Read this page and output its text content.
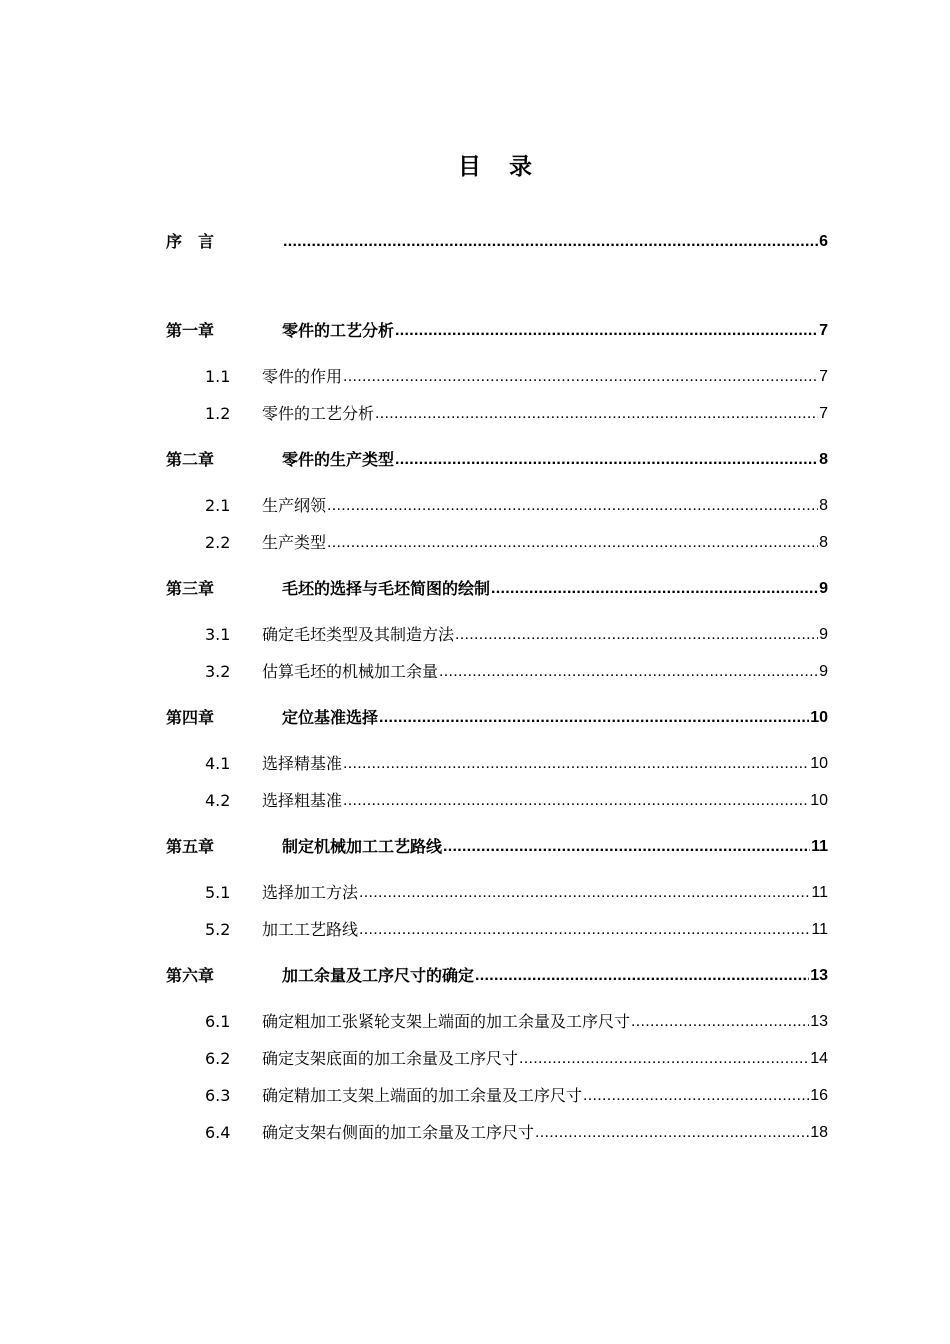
目 录
序　言 .....	6
第一章	零件的工艺分析 .....	7
1.1	零件的作用 .....	7
1.2	零件的工艺分析 .....	7
第二章	零件的生产类型 .....	8
2.1	生产纲领 .....	8
2.2	生产类型 .....	8
第三章	毛坯的选择与毛坯简图的绘制 .....	9
3.1	确定毛坯类型及其制造方法 .....	9
3.2	估算毛坯的机械加工余量 .....	9
第四章	定位基准选择 .....	10
4.1	选择精基准 .....	10
4.2	选择粗基准 .....	10
第五章	制定机械加工工艺路线 .....	11
5.1	选择加工方法 .....	11
5.2	加工工艺路线 .....	11
第六章	加工余量及工序尺寸的确定 .....	13
6.1	确定粗加工张紧轮支架上端面的加工余量及工序尺寸 .....	13
6.2	确定支架底面的加工余量及工序尺寸 .....	14
6.3	确定精加工支架上端面的加工余量及工序尺寸 .....	16
6.4	确定支架右侧面的加工余量及工序尺寸 .....	18
